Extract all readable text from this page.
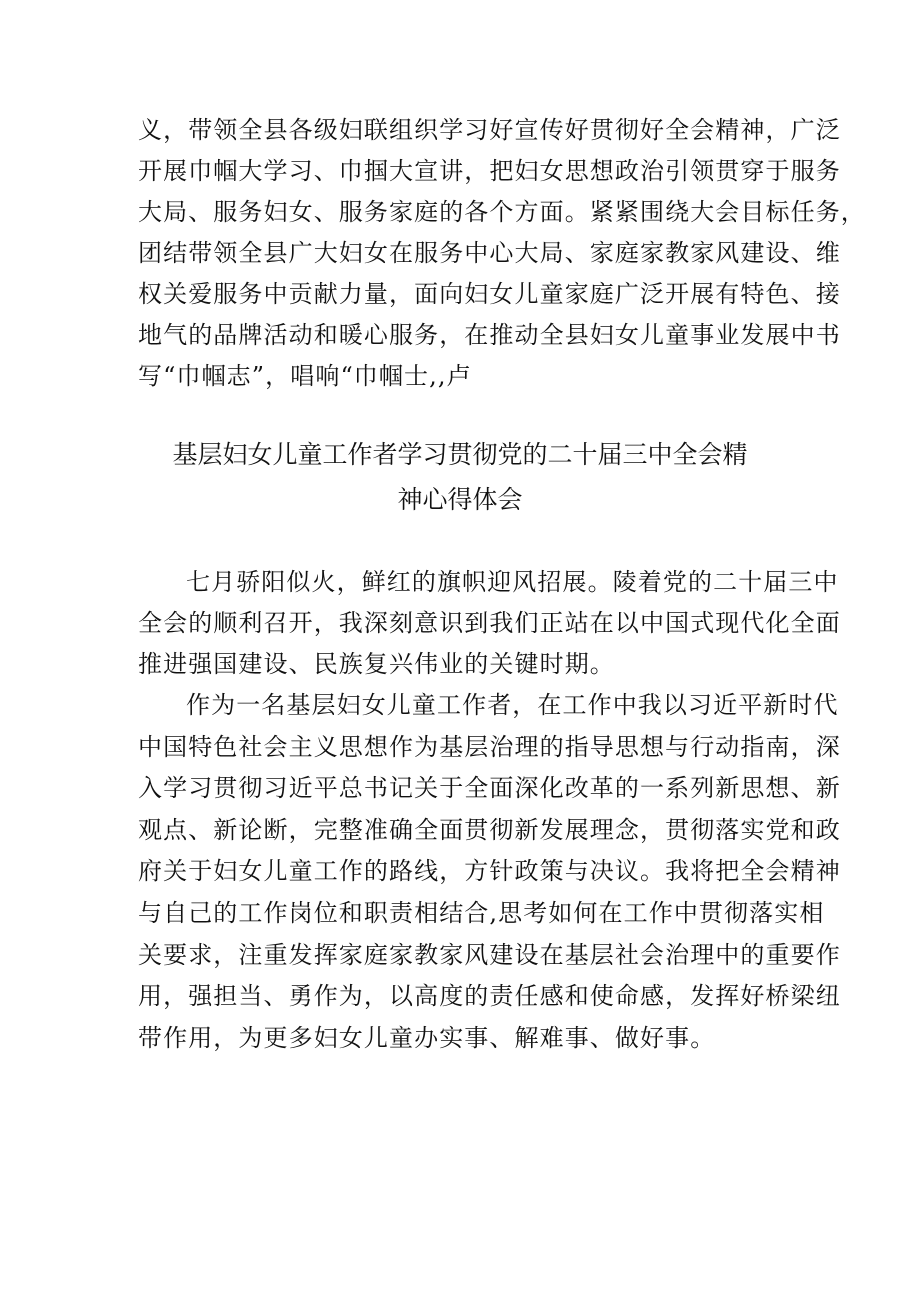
义，带领全县各级妇联组织学习好宣传好贯彻好全会精神，广泛
开展巾帼大学习、巾掴大宣讲，把妇女思想政治引领贯穿于服务
大局、服务妇女、服务家庭的各个方面。紧紧围绕大会目标任务，
团结带领全县广大妇女在服务中心大局、家庭家教家风建设、维
权关爱服务中贡献力量，面向妇女儿童家庭广泛开展有特色、接
地气的品牌活动和暖心服务，在推动全县妇女儿童事业发展中书
写“巾帼志”，唱响“巾帼士,,卢
基层妇女儿童工作者学习贯彻党的二十届三中全会精
神心得体会
七月骄阳似火，鲜红的旗帜迎风招展。陵着党的二十届三中
全会的顺利召开，我深刻意识到我们正站在以中国式现代化全面
推进强国建设、民族复兴伟业的关键时期。
作为一名基层妇女儿童工作者，在工作中我以习近平新时代
中国特色社会主义思想作为基层治理的指导思想与行动指南，深
入学习贯彻习近平总书记关于全面深化改革的一系列新思想、新
观点、新论断，完整准确全面贯彻新发展理念，贯彻落实党和政
府关于妇女儿童工作的路线，方针政策与决议。我将把全会精神
与自己的工作岗位和职责相结合,思考如何在工作中贯彻落实相
关要求，注重发挥家庭家教家风建设在基层社会治理中的重要作
用，强担当、勇作为，以高度的责任感和使命感，发挥好桥梁纽
带作用，为更多妇女儿童办实事、解难事、做好事。
